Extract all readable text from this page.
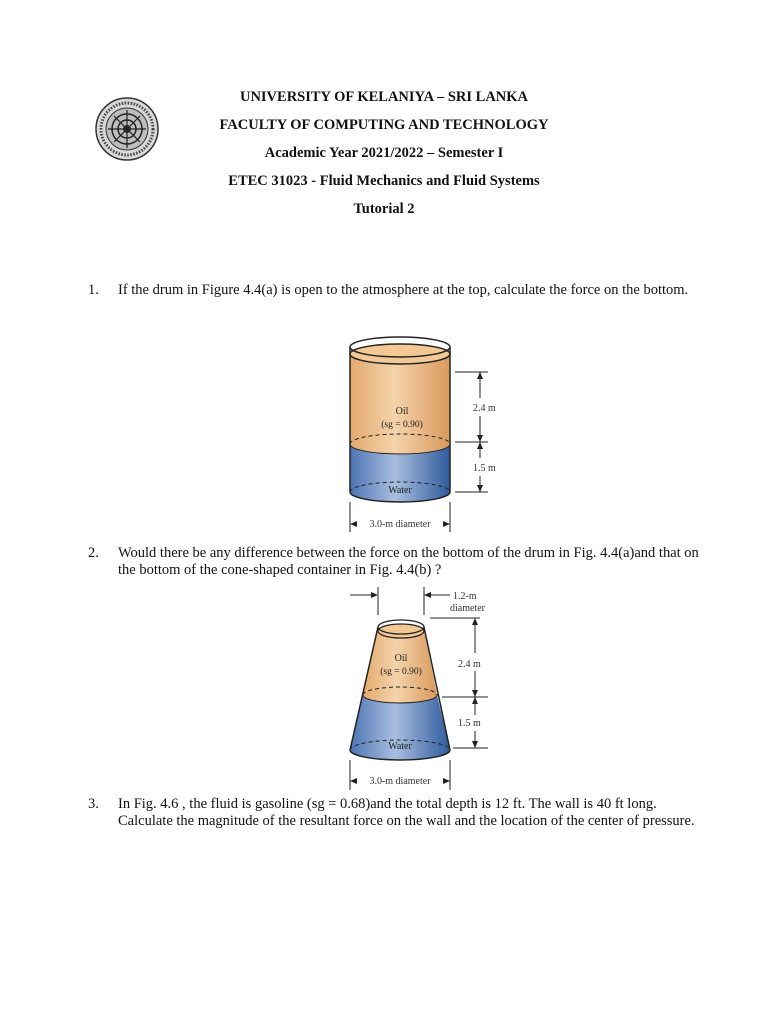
UNIVERSITY OF KELANIYA – SRI LANKA
FACULTY OF COMPUTING AND TECHNOLOGY
Academic Year 2021/2022 – Semester I
ETEC 31023 - Fluid Mechanics and Fluid Systems
Tutorial 2
1. If the drum in Figure 4.4(a) is open to the atmosphere at the top, calculate the force on the bottom.
Oil
(sg = 0.90)
Water
2.4 m
1.5 m
3.0-m diameter
2. Would there be any difference between the force on the bottom of the drum in Fig. 4.4(a)and that on the bottom of the cone-shaped container in Fig. 4.4(b) ?
1.2-m
diameter
Oil
(sg = 0.90)
Water
2.4 m
1.5 m
3.0-m diameter
3. In Fig. 4.6 , the fluid is gasoline (sg = 0.68)and the total depth is 12 ft. The wall is 40 ft long. Calculate the magnitude of the resultant force on the wall and the location of the center of pressure.
